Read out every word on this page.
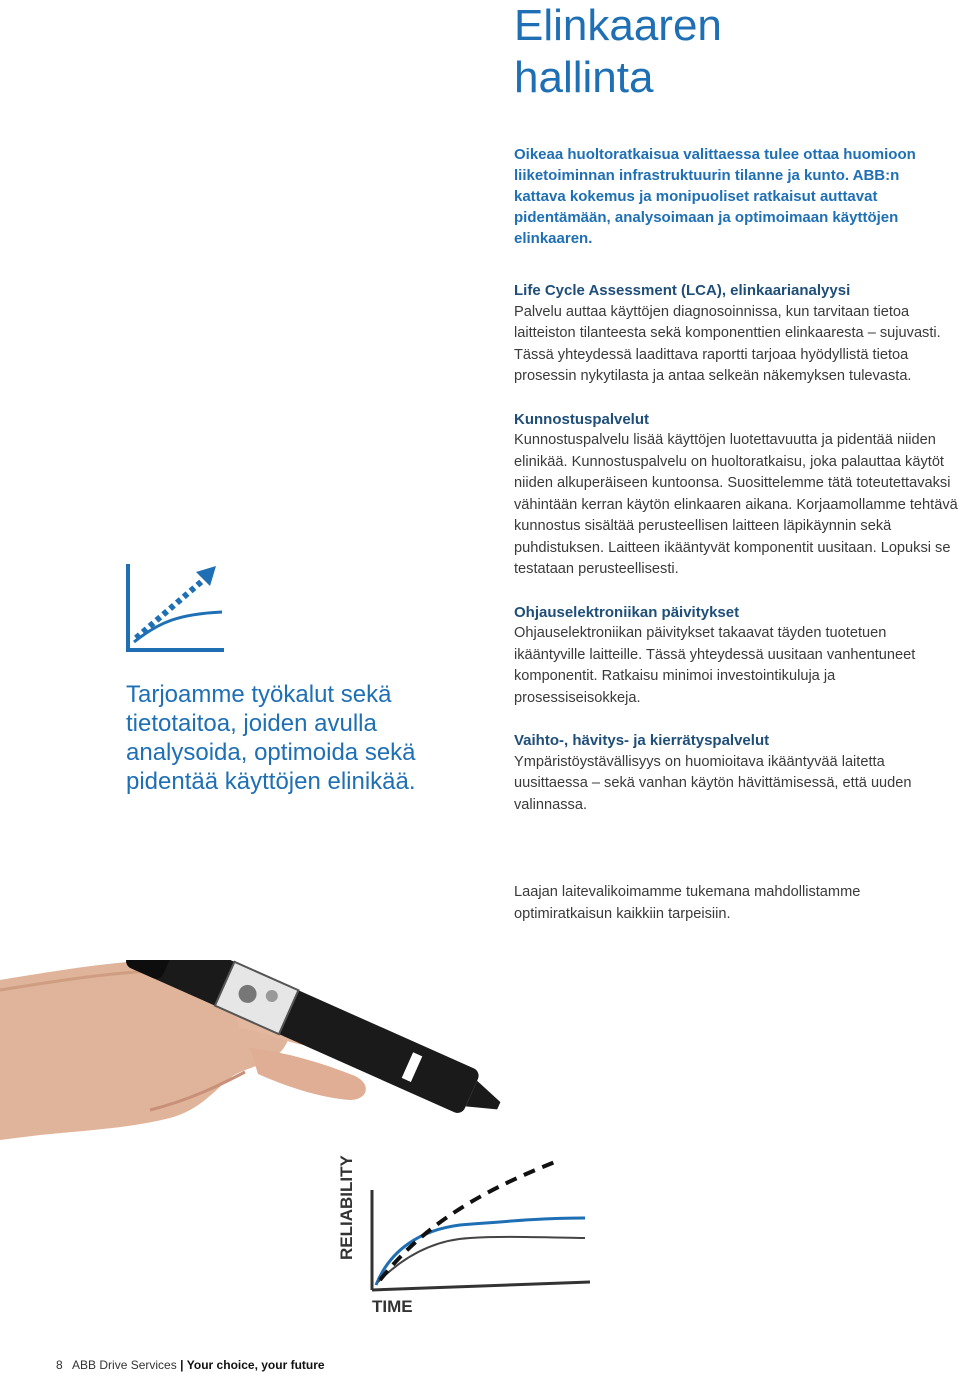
Elinkaaren
hallinta

Oikeaa huoltoratkaisua valittaessa tulee ottaa huomioon liiketoiminnan infrastruktuurin tilanne ja kunto. ABB:n kattava kokemus ja monipuoliset ratkaisut auttavat pidentämään, analysoimaan ja optimoimaan käyttöjen elinkaaren.

Life Cycle Assessment (LCA), elinkaarianalyysi

Palvelu auttaa käyttöjen diagnosoinnissa, kun tarvitaan tietoa laitteiston tilanteesta sekä komponenttien elinkaaresta – sujuvasti. Tässä yhteydessä laadittava raportti tarjoaa hyödyllistä tietoa prosessin nykytilasta ja antaa selkeän näkemyksen tulevasta.

Kunnostuspalvelut

Kunnostuspalvelu lisää käyttöjen luotettavuutta ja pidentää niiden elinikää. Kunnostuspalvelu on huoltoratkaisu, joka palauttaa käytöt niiden alkuperäiseen kuntoonsa. Suosittelemme tätä toteutettavaksi vähintään kerran käytön elinkaaren aikana. Korjaamollamme tehtävä kunnostus sisältää perusteellisen laitteen läpikäynnin sekä puhdistuksen. Laitteen ikääntyvät komponentit uusitaan. Lopuksi se testataan perusteellisesti.

Ohjauselektroniikan päivitykset

Ohjauselektroniikan päivitykset takaavat täyden tuotetuen ikääntyville laitteille. Tässä yhteydessä uusitaan vanhentuneet komponentit. Ratkaisu minimoi investointikuluja ja prosessiseisokkeja.

Vaihto-, hävitys- ja kierrätyspalvelut

Ympäristöystävällisyys on huomioitava ikääntyvää laitetta uusittaessa – sekä vanhan käytön hävittämisessä, että uuden valinnassa.

Laajan laitevalikoimamme tukemana mahdollistamme optimiratkaisun kaikkiin tarpeisiin.

Tarjoamme työkalut sekä tietotaitoa, joiden avulla analysoida, optimoida sekä pidentää käyttöjen elinikää.

RELIABILITY
TIME
8 ABB Drive Services | Your choice, your future
